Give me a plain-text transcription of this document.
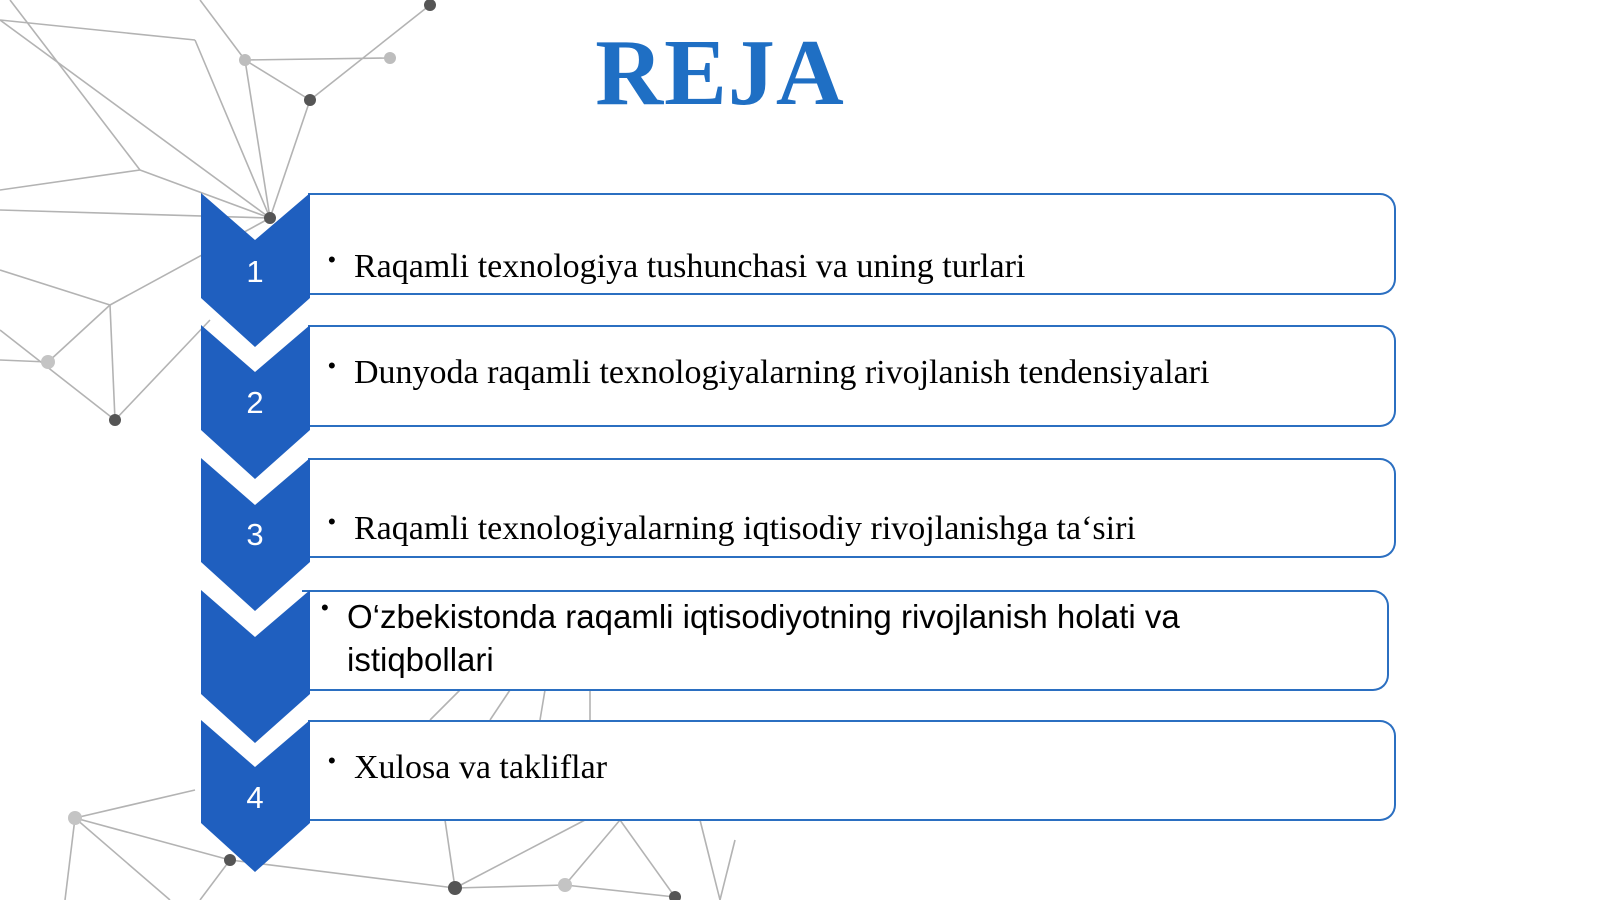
REJA
1
2
3
4
• Raqamli texnologiya tushunchasi va uning turlari
• Dunyoda raqamli texnologiyalarning rivojlanish tendensiyalari
• Raqamli texnologiyalarning iqtisodiy rivojlanishga ta‘siri
• O‘zbekistonda raqamli iqtisodiyotning rivojlanish holati va istiqbollari
• Xulosa va takliflar
